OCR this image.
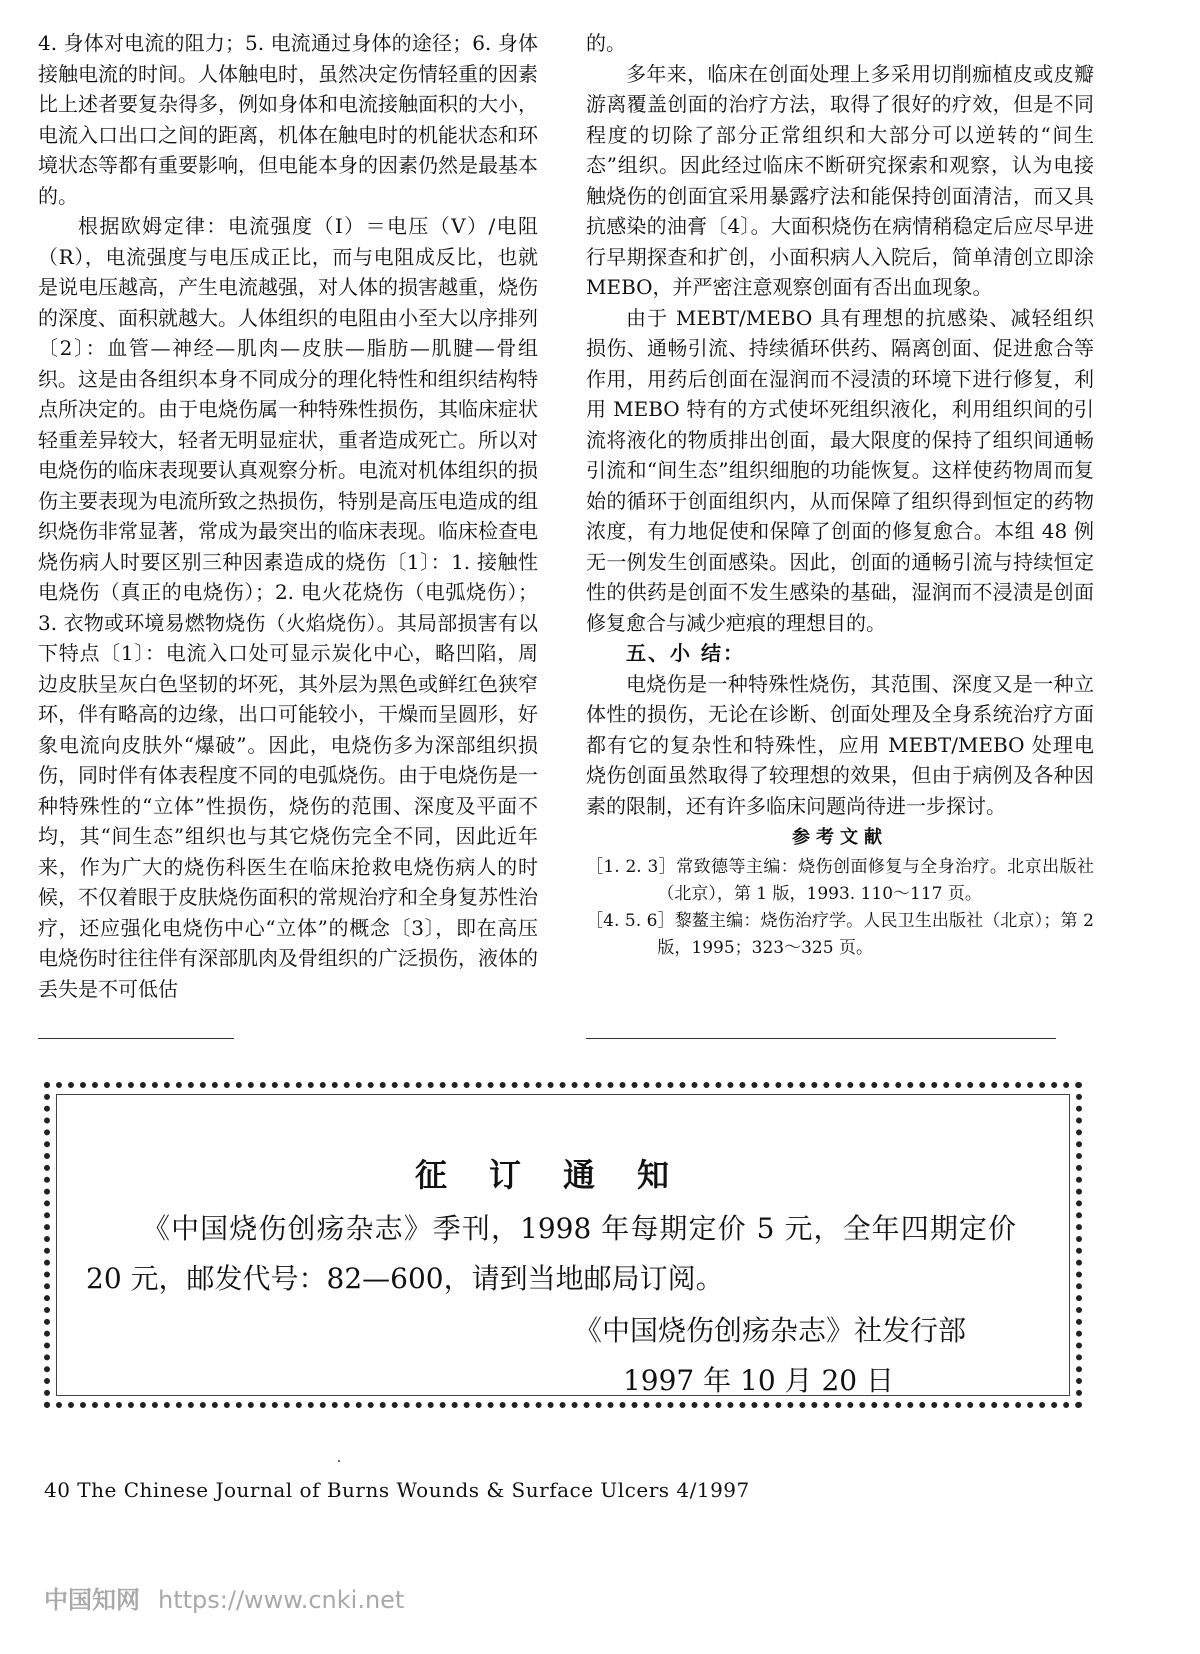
4. 身体对电流的阻力；5. 电流通过身体的途径；6. 身体接触电流的时间。人体触电时，虽然决定伤情轻重的因素比上述者要复杂得多，例如身体和电流接触面积的大小，电流入口出口之间的距离，机体在触电时的机能状态和环境状态等都有重要影响，但电能本身的因素仍然是最基本的。

根据欧姆定律：电流强度（I）＝电压（V）/电阻（R），电流强度与电压成正比，而与电阻成反比，也就是说电压越高，产生电流越强，对人体的损害越重，烧伤的深度、面积就越大。人体组织的电阻由小至大以序排列〔2〕：血管—神经—肌肉—皮肤—脂肪—肌腱—骨组织。这是由各组织本身不同成分的理化特性和组织结构特点所决定的。由于电烧伤属一种特殊性损伤，其临床症状轻重差异较大，轻者无明显症状，重者造成死亡。所以对电烧伤的临床表现要认真观察分析。电流对机体组织的损伤主要表现为电流所致之热损伤，特别是高压电造成的组织烧伤非常显著，常成为最突出的临床表现。临床检查电烧伤病人时要区别三种因素造成的烧伤〔1〕：1. 接触性电烧伤（真正的电烧伤）；2. 电火花烧伤（电弧烧伤）；3. 衣物或环境易燃物烧伤（火焰烧伤）。其局部损害有以下特点〔1〕：电流入口处可显示炭化中心，略凹陷，周边皮肤呈灰白色坚韧的坏死，其外层为黑色或鲜红色狭窄环，伴有略高的边缘，出口可能较小，干燥而呈圆形，好象电流向皮肤外“爆破”。因此，电烧伤多为深部组织损伤，同时伴有体表程度不同的电弧烧伤。由于电烧伤是一种特殊性的“立体”性损伤，烧伤的范围、深度及平面不均，其“间生态”组织也与其它烧伤完全不同，因此近年来，作为广大的烧伤科医生在临床抢救电烧伤病人的时候，不仅着眼于皮肤烧伤面积的常规治疗和全身复苏性治疗，还应强化电烧伤中心“立体”的概念〔3〕，即在高压电烧伤时往往伴有深部肌肉及骨组织的广泛损伤，液体的丢失是不可低估

的。

多年来，临床在创面处理上多采用切削痂植皮或皮瓣游离覆盖创面的治疗方法，取得了很好的疗效，但是不同程度的切除了部分正常组织和大部分可以逆转的“间生态”组织。因此经过临床不断研究探索和观察，认为电接触烧伤的创面宜采用暴露疗法和能保持创面清洁，而又具抗感染的油膏〔4〕。大面积烧伤在病情稍稳定后应尽早进行早期探查和扩创，小面积病人入院后，简单清创立即涂 MEBO，并严密注意观察创面有否出血现象。

由于 MEBT/MEBO 具有理想的抗感染、减轻组织损伤、通畅引流、持续循环供药、隔离创面、促进愈合等作用，用药后创面在湿润而不浸渍的环境下进行修复，利用 MEBO 特有的方式使坏死组织液化，利用组织间的引流将液化的物质排出创面，最大限度的保持了组织间通畅引流和“间生态”组织细胞的功能恢复。这样使药物周而复始的循环于创面组织内，从而保障了组织得到恒定的药物浓度，有力地促使和保障了创面的修复愈合。本组 48 例无一例发生创面感染。因此，创面的通畅引流与持续恒定性的供药是创面不发生感染的基础，湿润而不浸渍是创面修复愈合与减少疤痕的理想目的。

五、小 结：

电烧伤是一种特殊性烧伤，其范围、深度又是一种立体性的损伤，无论在诊断、创面处理及全身系统治疗方面都有它的复杂性和特殊性，应用 MEBT/MEBO 处理电烧伤创面虽然取得了较理想的效果，但由于病例及各种因素的限制，还有许多临床问题尚待进一步探讨。

参考文献

［1. 2. 3］常致德等主编：烧伤创面修复与全身治疗。北京出版社（北京），第 1 版，1993. 110～117 页。

［4. 5. 6］黎鳌主编：烧伤治疗学。人民卫生出版社（北京）；第 2 版，1995；323～325 页。

征订通知
《中国烧伤创疡杂志》季刊，1998 年每期定价 5 元，全年四期定价 20 元，邮发代号：82—600，请到当地邮局订阅。
《中国烧伤创疡杂志》社发行部
1997 年 10 月 20 日
40 The Chinese Journal of Burns Wounds & Surface Ulcers 4/1997
中国知网 https://www.cnki.net
